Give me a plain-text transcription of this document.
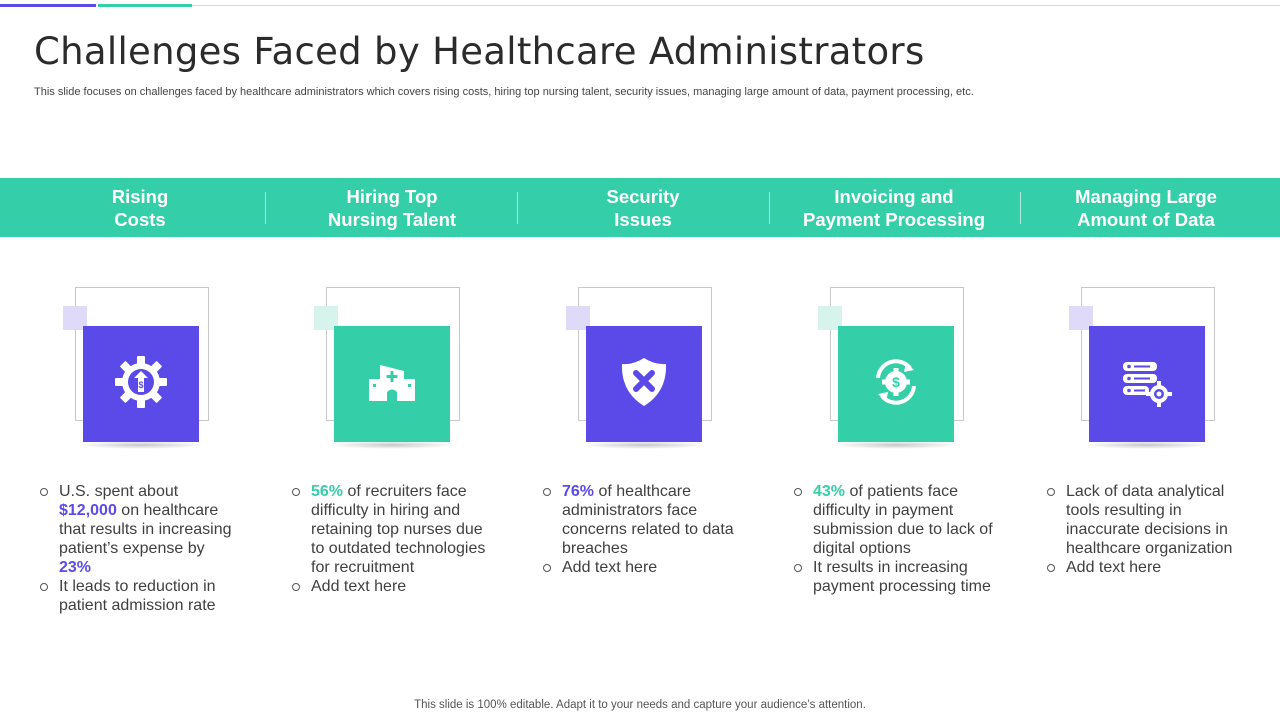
Challenges Faced by Healthcare Administrators
This slide focuses on challenges faced by healthcare administrators which covers rising costs, hiring top nursing talent, security issues, managing large amount of data, payment processing, etc.
Rising
Costs
Hiring Top
Nursing Talent
Security
Issues
Invoicing and
Payment Processing
Managing Large
Amount of Data
$	$
U.S. spent about $12,000 on healthcare that results in increasing patient’s expense by 23%
It leads to reduction in patient admission rate
56% of recruiters face difficulty in hiring and retaining top nurses due to outdated technologies for recruitment
Add text here
76% of healthcare administrators face concerns related to data breaches
Add text here
43% of patients face difficulty in payment submission due to lack of digital options
It results in increasing payment processing time
Lack of data analytical tools resulting in inaccurate decisions in healthcare organization
Add text here
This slide is 100% editable. Adapt it to your needs and capture your audience’s attention.
